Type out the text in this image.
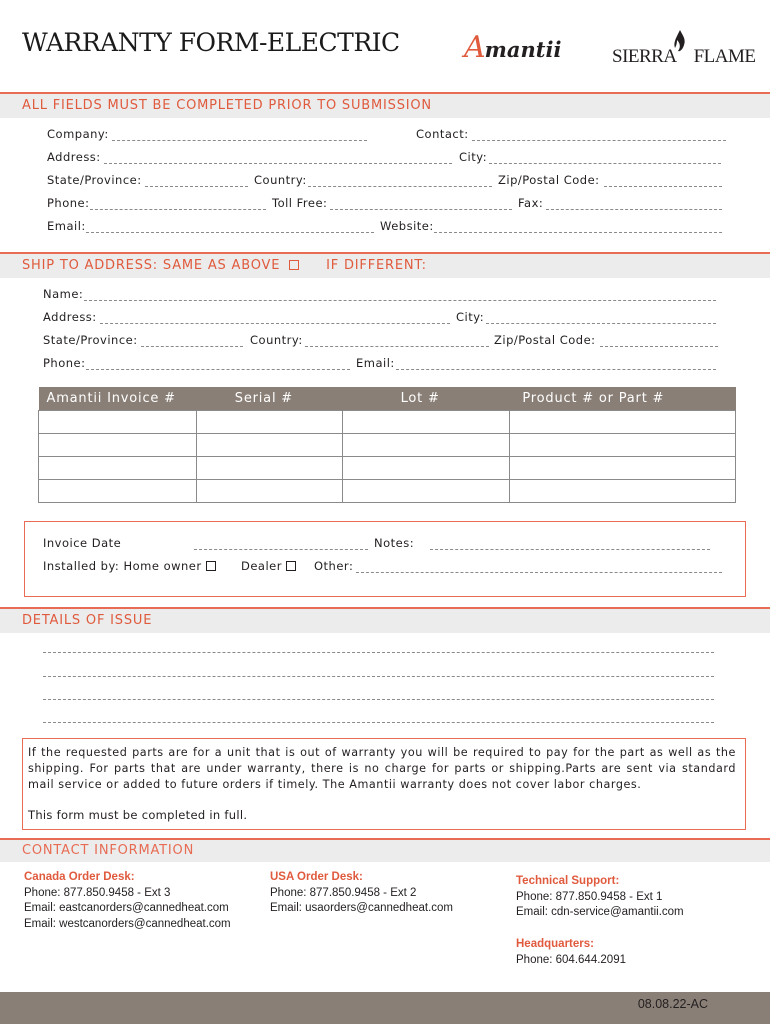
WARRANTY FORM-ELECTRIC Amantii	SIERRA FLAME
ALL FIELDS MUST BE COMPLETED PRIOR TO SUBMISSION
Company:	Contact:
Address:	City:
State/Province:	Country:	Zip/Postal Code:
Phone:	Toll Free:	Fax:
Email:	Website:
SHIP TO ADDRESS: SAME AS ABOVE	IF DIFFERENT:
Name:
Address:	City:
State/Province:	Country:	Zip/Postal Code:
Phone:	Email:
Amantii Invoice #	Serial #	Lot #	Product # or Part #

Invoice Date	Notes:
Installed by: Home owner	Dealer	Other:
DETAILS OF ISSUE
If the requested parts are for a unit that is out of warranty you will be required to pay for the part as well as the shipping. For parts that are under warranty, there is no charge for parts or shipping.Parts are sent via standard mail service or added to future orders if timely. The Amantii warranty does not cover labor charges.
This form must be completed in full.
CONTACT INFORMATION
Canada Order Desk:
Phone: 877.850.9458 - Ext 3
Email: eastcanorders@cannedheat.com
Email: westcanorders@cannedheat.com
USA Order Desk:
Phone: 877.850.9458 - Ext 2
Email: usaorders@cannedheat.com
Technical Support:
Phone: 877.850.9458 - Ext 1
Email: cdn-service@amantii.com
Headquarters:
Phone: 604.644.2091
08.08.22-AC
